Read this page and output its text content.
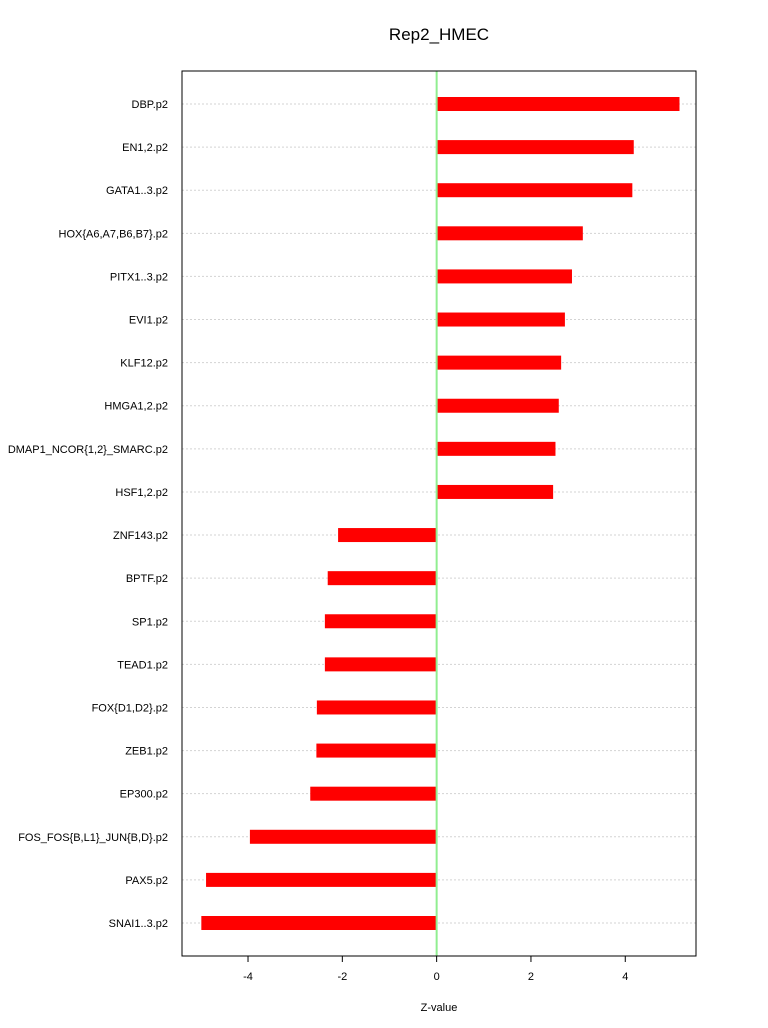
Rep2_HMEC
DBP.p2
EN1,2.p2
GATA1..3.p2
HOX{A6,A7,B6,B7}.p2
PITX1..3.p2
EVI1.p2
KLF12.p2
HMGA1,2.p2
DMAP1_NCOR{1,2}_SMARC.p2
HSF1,2.p2
ZNF143.p2
BPTF.p2
SP1.p2
TEAD1.p2
FOX{D1,D2}.p2
ZEB1.p2
EP300.p2
FOS_FOS{B,L1}_JUN{B,D}.p2
PAX5.p2
SNAI1..3.p2
-4	-2	0	2	4
Z-value
